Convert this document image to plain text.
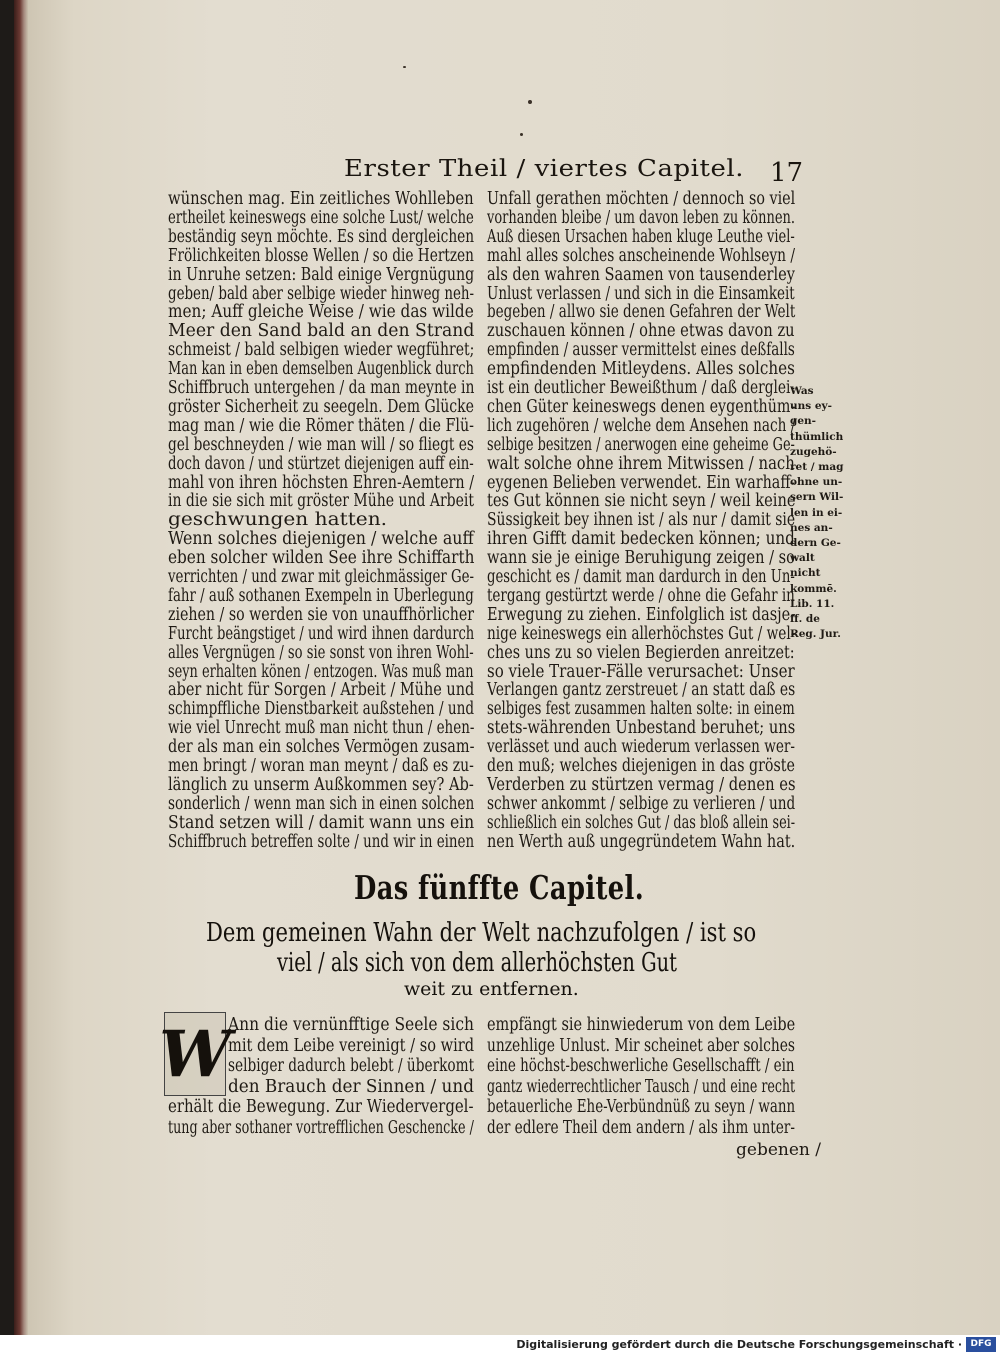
Erster Theil / viertes Capitel. 17
wünschen mag. Ein zeitliches Wohlleben
ertheilet keineswegs eine solche Lust/ welche
beständig seyn möchte. Es sind dergleichen
Frölichkeiten blosse Wellen / so die Hertzen
in Unruhe setzen: Bald einige Vergnügung
geben/ bald aber selbige wieder hinweg neh-
men; Auff gleiche Weise / wie das wilde
Meer den Sand bald an den Strand
schmeist / bald selbigen wieder wegführet;
Man kan in eben demselben Augenblick durch
Schiffbruch untergehen / da man meynte in
gröster Sicherheit zu seegeln. Dem Glücke
mag man / wie die Römer thäten / die Flü-
gel beschneyden / wie man will / so fliegt es
doch davon / und stürtzet diejenigen auff ein-
mahl von ihren höchsten Ehren-Aemtern /
in die sie sich mit gröster Mühe und Arbeit
geschwungen hatten.
Wenn solches diejenigen / welche auff
eben solcher wilden See ihre Schiffarth
verrichten / und zwar mit gleichmässiger Ge-
fahr / auß sothanen Exempeln in Uberlegung
ziehen / so werden sie von unauffhörlicher
Furcht beängstiget / und wird ihnen dardurch
alles Vergnügen / so sie sonst von ihren Wohl-
seyn erhalten könen / entzogen. Was muß man
aber nicht für Sorgen / Arbeit / Mühe und
schimpffliche Dienstbarkeit außstehen / und
wie viel Unrecht muß man nicht thun / ehen-
der als man ein solches Vermögen zusam-
men bringt / woran man meynt / daß es zu-
länglich zu unserm Außkommen sey? Ab-
sonderlich / wenn man sich in einen solchen
Stand setzen will / damit wann uns ein
Schiffbruch betreffen solte / und wir in einen
Unfall gerathen möchten / dennoch so viel
vorhanden bleibe / um davon leben zu können.
Auß diesen Ursachen haben kluge Leuthe viel-
mahl alles solches anscheinende Wohlseyn /
als den wahren Saamen von tausenderley
Unlust verlassen / und sich in die Einsamkeit
begeben / allwo sie denen Gefahren der Welt
zuschauen können / ohne etwas davon zu
empfinden / ausser vermittelst eines deßfalls
empfindenden Mitleydens. Alles solches
ist ein deutlicher Beweißthum / daß derglei-
chen Güter keineswegs denen eygenthüm-
lich zugehören / welche dem Ansehen nach /
selbige besitzen / anerwogen eine geheime Ge-
walt solche ohne ihrem Mitwissen / nach
eygenen Belieben verwendet. Ein warhaff-
tes Gut können sie nicht seyn / weil keine
Süssigkeit bey ihnen ist / als nur / damit sie
ihren Gifft damit bedecken können; und
wann sie je einige Beruhigung zeigen / so
geschicht es / damit man dardurch in den Un-
tergang gestürtzt werde / ohne die Gefahr in
Erwegung zu ziehen. Einfolglich ist dasje-
nige keineswegs ein allerhöchstes Gut / wel-
ches uns zu so vielen Begierden anreitzet:
so viele Trauer-Fälle verursachet: Unser
Verlangen gantz zerstreuet / an statt daß es
selbiges fest zusammen halten solte: in einem
stets-währenden Unbestand beruhet; uns
verlässet und auch wiederum verlassen wer-
den muß; welches diejenigen in das gröste
Verderben zu stürtzen vermag / denen es
schwer ankommt / selbige zu verlieren / und
schließlich ein solches Gut / das bloß allein sei-
nen Werth auß ungegründetem Wahn hat.
Was
uns ey-
gen-
thümlich
zugehö-
ret / mag
ohne un-
sern Wil-
len in ei-
nes an-
dern Ge-
walt
nicht
kommē.
Lib. 11.
ff. de
Reg. Jur.
Das fünffte Capitel.
Dem gemeinen Wahn der Welt nachzufolgen / ist so
viel / als sich von dem allerhöchsten Gut
weit zu entfernen.
W
Ann die vernünfftige Seele sich
mit dem Leibe vereinigt / so wird
selbiger dadurch belebt / überkomt
den Brauch der Sinnen / und
erhält die Bewegung. Zur Wiedervergel-
tung aber sothaner vortrefflichen Geschencke /
empfängt sie hinwiederum von dem Leibe
unzehlige Unlust. Mir scheinet aber solches
eine höchst-beschwerliche Gesellschafft / ein
gantz wiederrechtlicher Tausch / und eine recht
betauerliche Ehe-Verbündnüß zu seyn / wann
der edlere Theil dem andern / als ihm unter-
gebenen /
Digitalisierung gefördert durch die Deutsche Forschungsgemeinschaft · DFG
